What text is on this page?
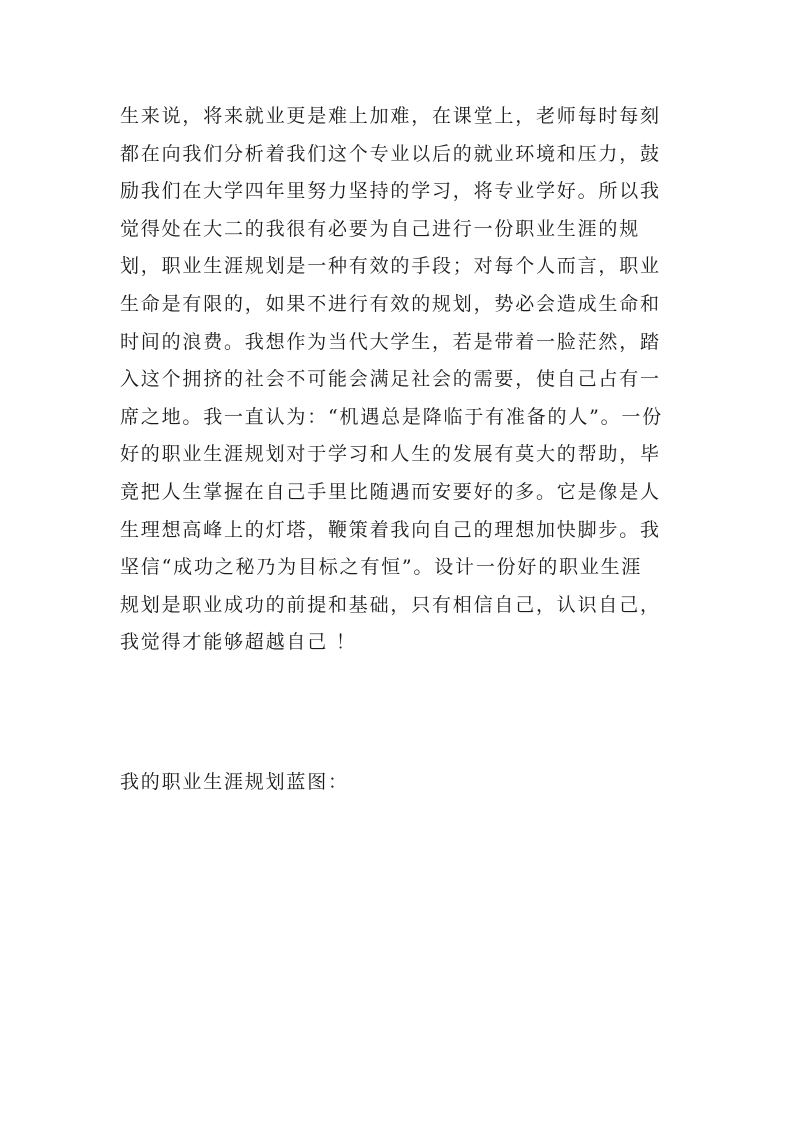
生来说，将来就业更是难上加难，在课堂上，老师每时每刻
都在向我们分析着我们这个专业以后的就业环境和压力，鼓
励我们在大学四年里努力坚持的学习，将专业学好。所以我
觉得处在大二的我很有必要为自己进行一份职业生涯的规
划，职业生涯规划是一种有效的手段；对每个人而言，职业
生命是有限的，如果不进行有效的规划，势必会造成生命和
时间的浪费。我想作为当代大学生，若是带着一脸茫然，踏
入这个拥挤的社会不可能会满足社会的需要，使自己占有一
席之地。我一直认为：“机遇总是降临于有准备的人”。一份
好的职业生涯规划对于学习和人生的发展有莫大的帮助，毕
竟把人生掌握在自己手里比随遇而安要好的多。它是像是人
生理想高峰上的灯塔，鞭策着我向自己的理想加快脚步。我
坚信“成功之秘乃为目标之有恒”。设计一份好的职业生涯
规划是职业成功的前提和基础，只有相信自己，认识自己，
我觉得才能够超越自己 ！

我的职业生涯规划蓝图：
